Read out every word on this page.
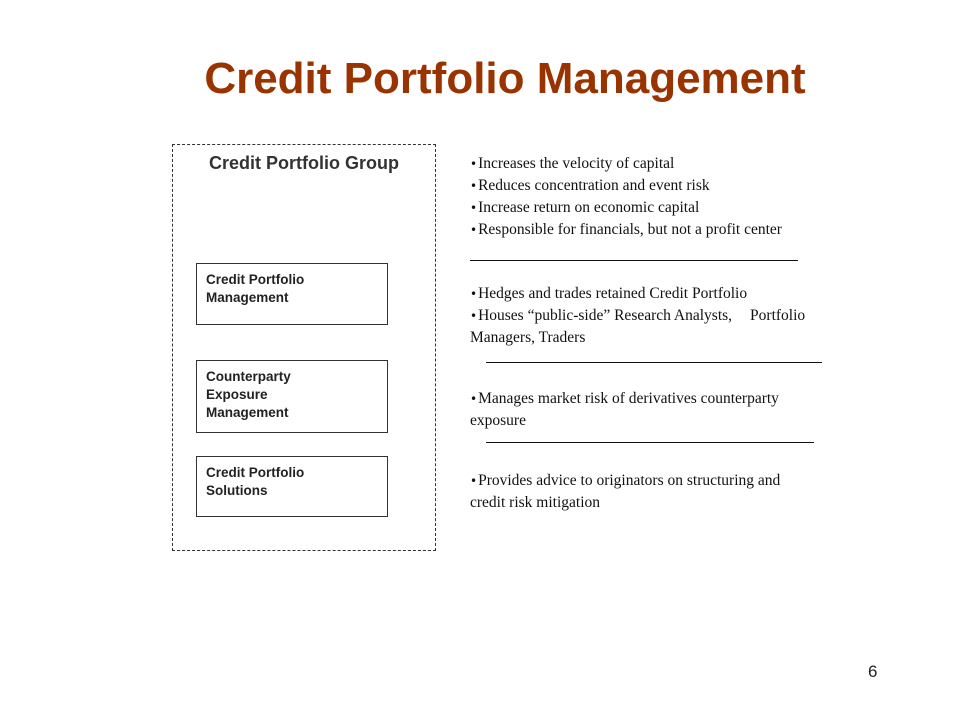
Credit Portfolio Management
Credit Portfolio Group
Credit Portfolio
Management
Counterparty
Exposure
Management
Credit Portfolio
Solutions
•Increases the velocity of capital
•Reduces concentration and event risk
•Increase return on economic capital
•Responsible for financials, but not a profit center
•Hedges and trades retained Credit Portfolio
•Houses “public-side” Research Analysts, Portfolio
Managers, Traders
•Manages market risk of derivatives counterparty
exposure
•Provides advice to originators on structuring and
credit risk mitigation
6
